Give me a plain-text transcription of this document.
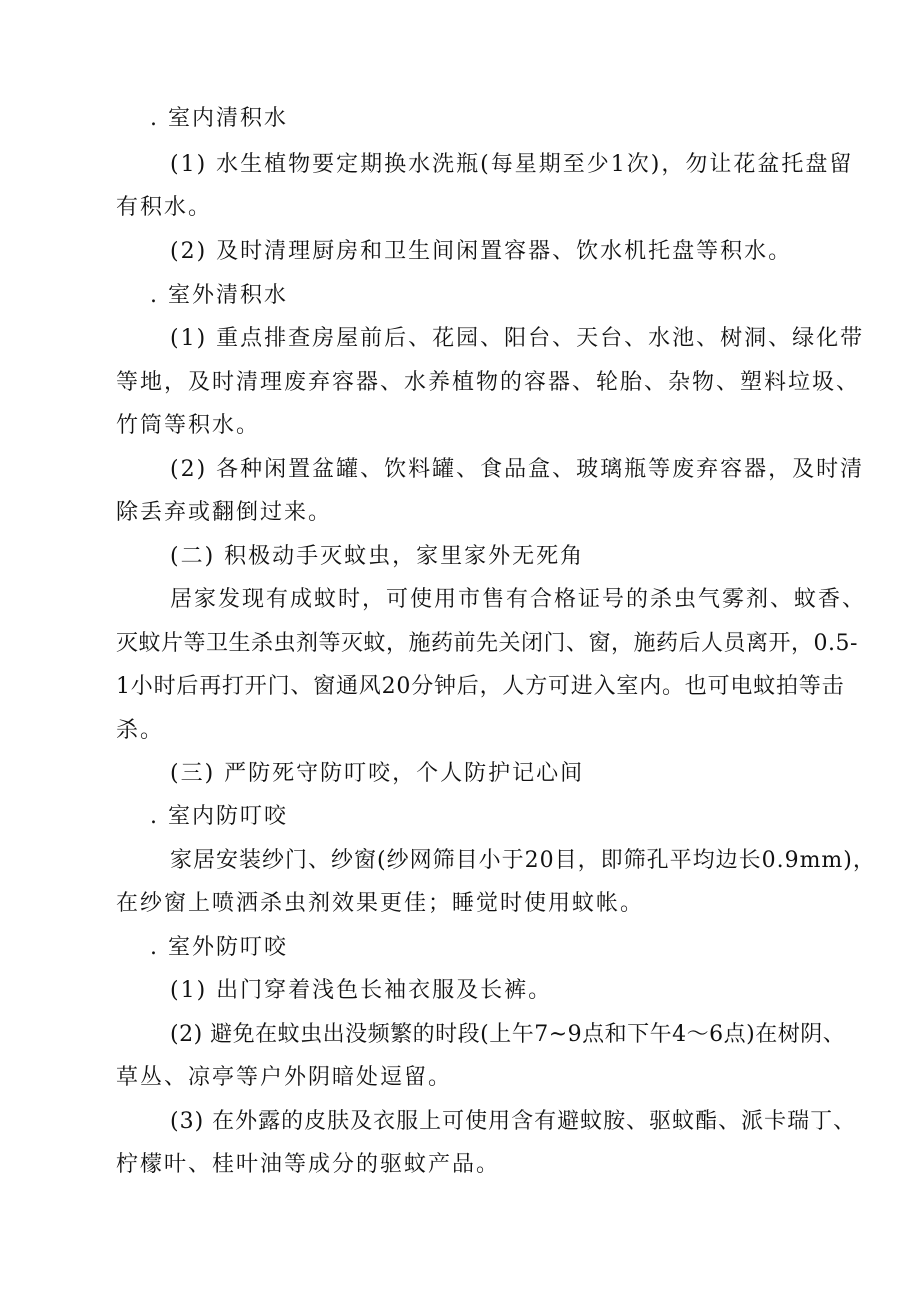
. 室内清积水
(1) 水生植物要定期换水洗瓶(每星期至少1次)，勿让花盆托盘留
有积水。
(2) 及时清理厨房和卫生间闲置容器、饮水机托盘等积水。
. 室外清积水
(1) 重点排查房屋前后、花园、阳台、天台、水池、树洞、绿化带
等地，及时清理废弃容器、水养植物的容器、轮胎、杂物、塑料垃圾、
竹筒等积水。
(2) 各种闲置盆罐、饮料罐、食品盒、玻璃瓶等废弃容器，及时清
除丢弃或翻倒过来。
(二) 积极动手灭蚊虫，家里家外无死角
居家发现有成蚊时，可使用市售有合格证号的杀虫气雾剂、蚊香、
灭蚊片等卫生杀虫剂等灭蚊，施药前先关闭门、窗，施药后人员离开，0.5-
1小时后再打开门、窗通风20分钟后，人方可进入室内。也可电蚊拍等击
杀。
(三) 严防死守防叮咬，个人防护记心间
. 室内防叮咬
家居安装纱门、纱窗(纱网筛目小于20目，即筛孔平均边长0.9mm)，
在纱窗上喷洒杀虫剂效果更佳；睡觉时使用蚊帐。
. 室外防叮咬
(1) 出门穿着浅色长袖衣服及长裤。
(2) 避免在蚊虫出没频繁的时段(上午7~9点和下午4～6点)在树阴、
草丛、凉亭等户外阴暗处逗留。
(3) 在外露的皮肤及衣服上可使用含有避蚊胺、驱蚊酯、派卡瑞丁、
柠檬叶、桂叶油等成分的驱蚊产品。
